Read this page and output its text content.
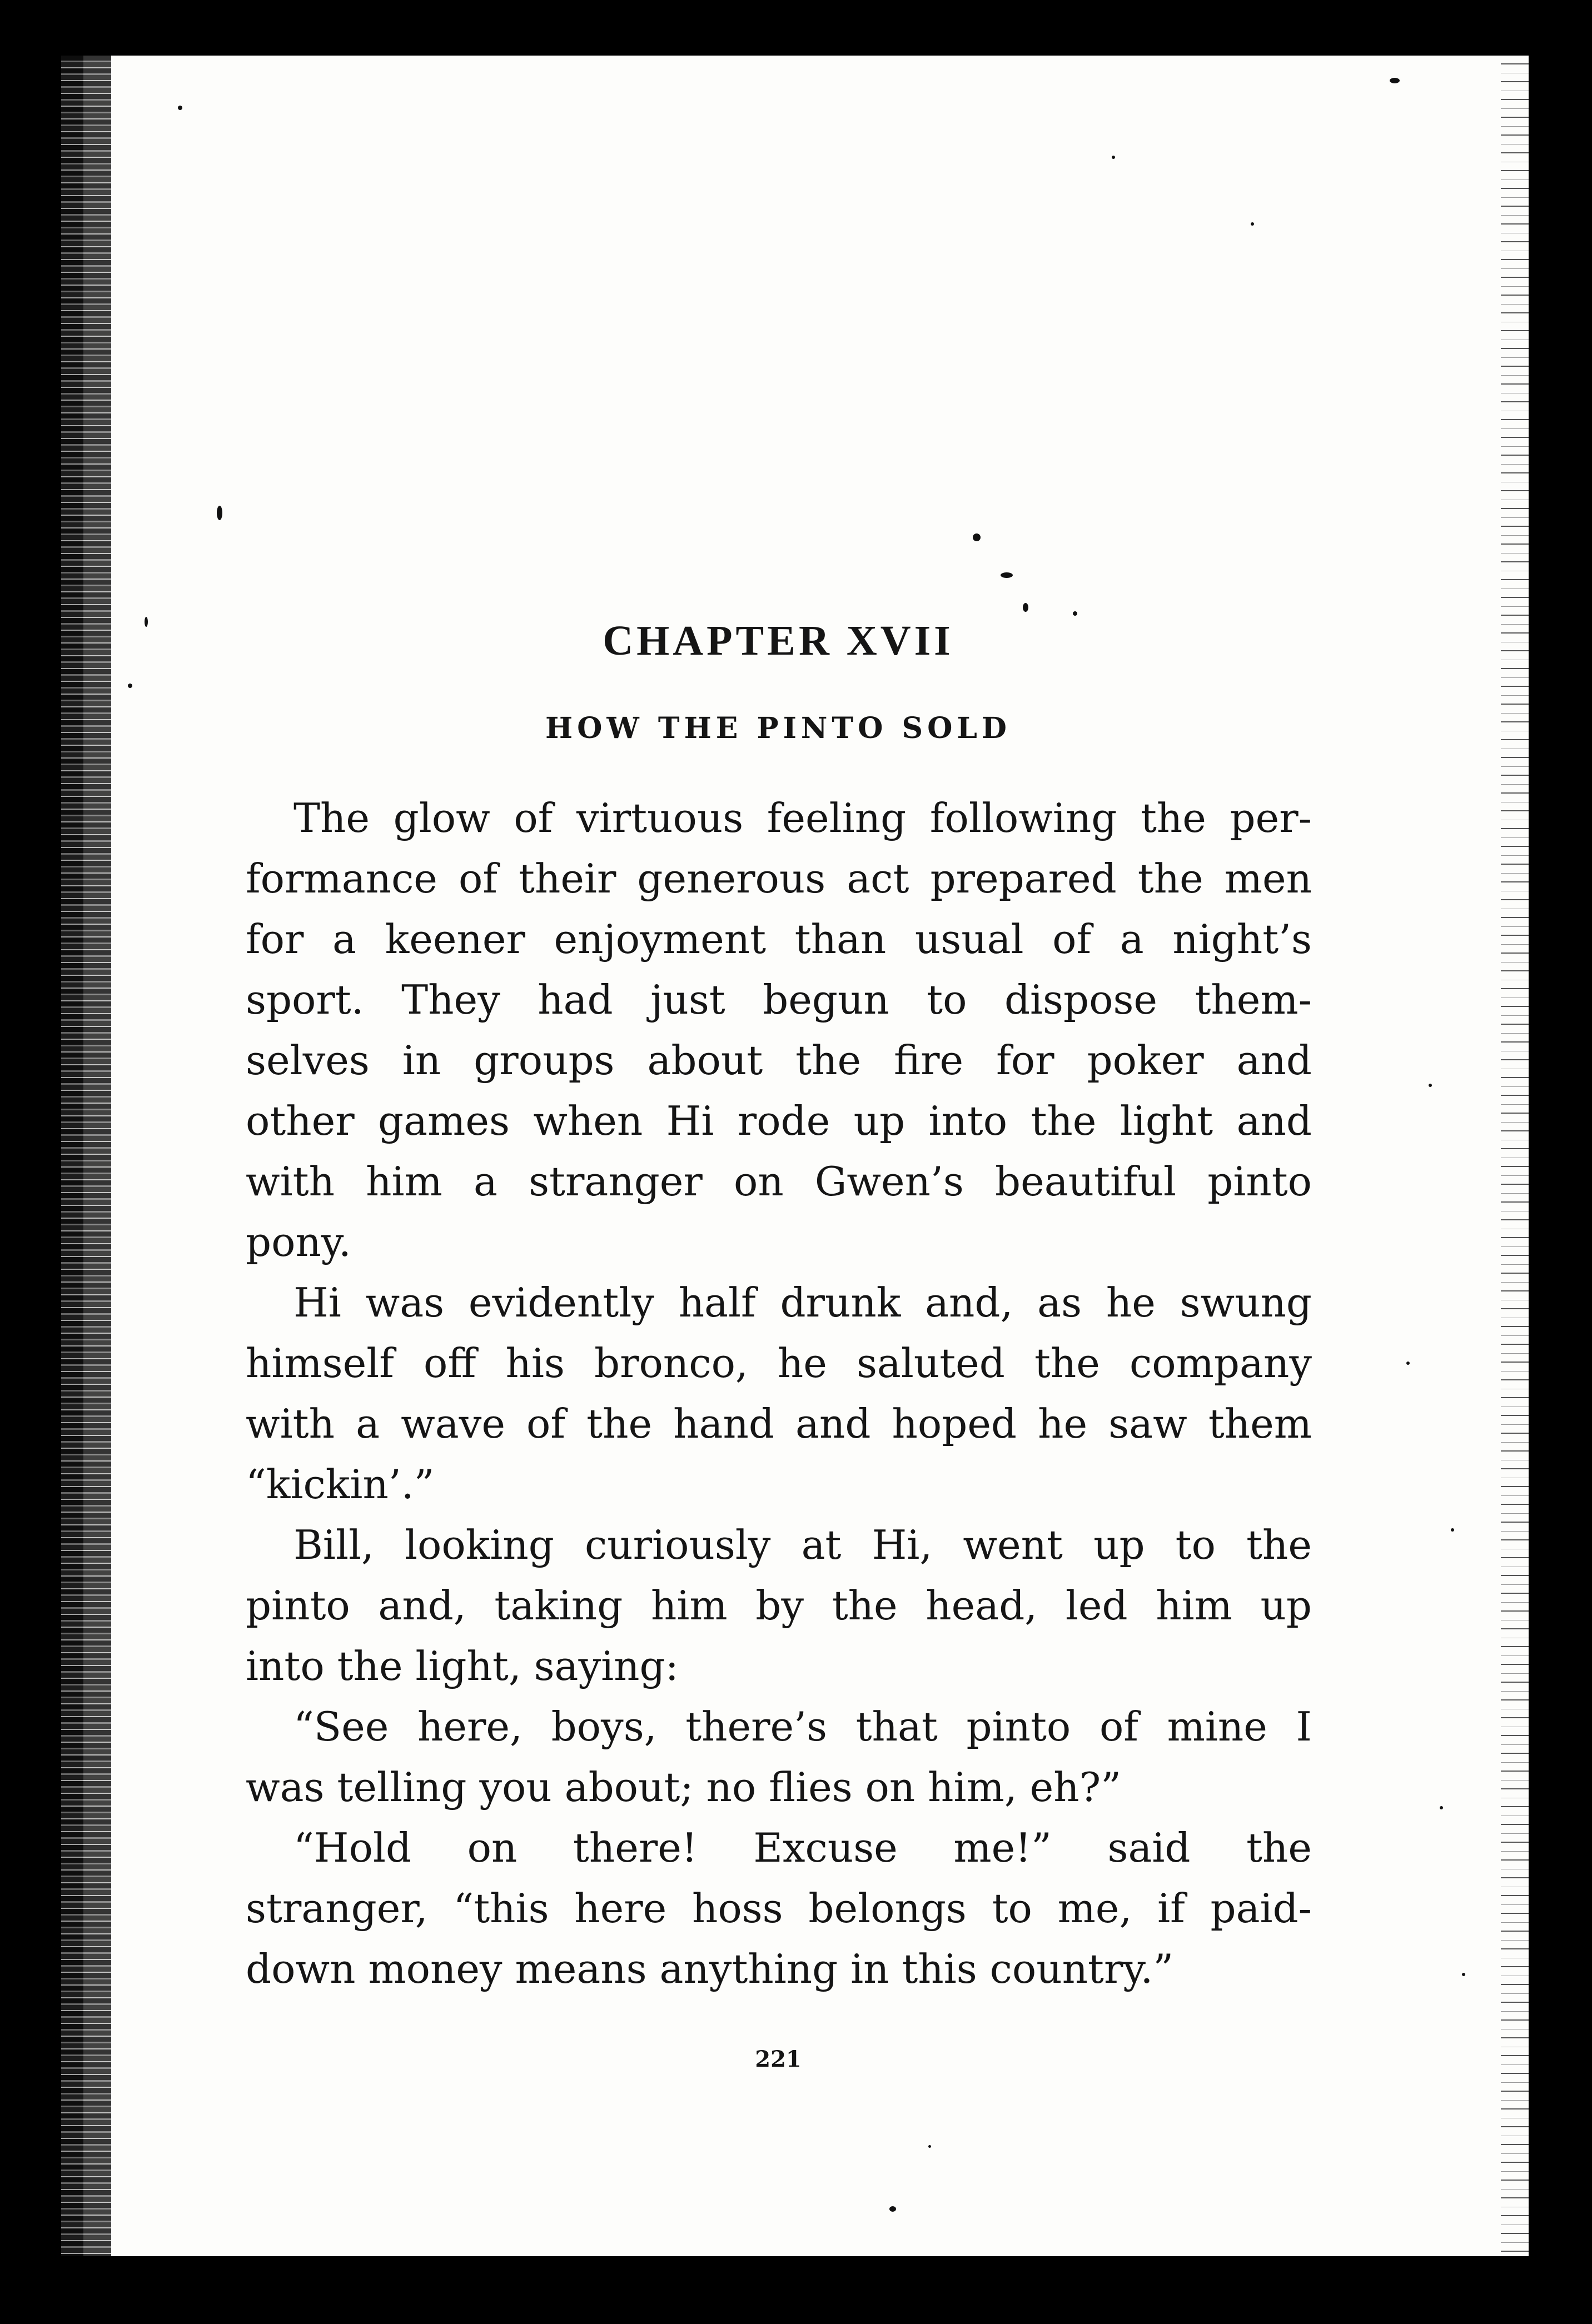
CHAPTER XVII
HOW THE PINTO SOLD
The glow of virtuous feeling following the per-
formance of their generous act prepared the men
for a keener enjoyment than usual of a night’s
sport. They had just begun to dispose them-
selves in groups about the fire for poker and
other games when Hi rode up into the light and
with him a stranger on Gwen’s beautiful pinto
pony.
Hi was evidently half drunk and, as he swung
himself off his bronco, he saluted the company
with a wave of the hand and hoped he saw them
“kickin’.”
Bill, looking curiously at Hi, went up to the
pinto and, taking him by the head, led him up
into the light, saying:
“See here, boys, there’s that pinto of mine I
was telling you about; no flies on him, eh?”
“Hold on there! Excuse me!” said the
stranger, “this here hoss belongs to me, if paid-
down money means anything in this country.”
221
